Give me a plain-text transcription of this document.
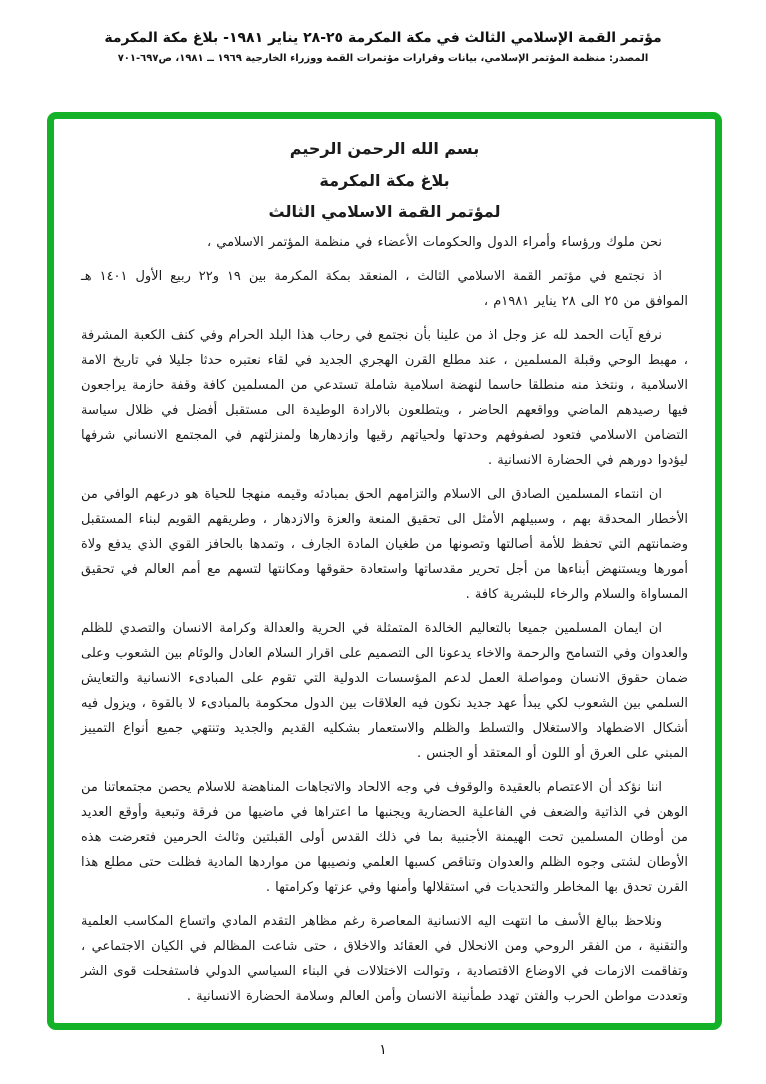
مؤتمر القمة الإسلامي الثالث في مكة المكرمة ٢٥-٢٨ يناير ١٩٨١- بلاغ مكة المكرمة
المصدر: منظمة المؤتمر الإسلامي، بيانات وقرارات مؤتمرات القمة ووزراء الخارجية ١٩٦٩ ــ ١٩٨١، ص٦٩٧-٧٠١
بسم الله الرحمن الرحيم
بلاغ مكة المكرمة
لمؤتمر القمة الاسلامي الثالث

نحن ملوك ورؤساء وأمراء الدول والحكومات الأعضاء في منظمة المؤتمر الاسلامي ،

اذ نجتمع في مؤتمر القمة الاسلامي الثالث ، المنعقد بمكة المكرمة بين ١٩ و٢٢ ربيع الأول ١٤٠١ هـ الموافق من ٢٥ الى ٢٨ يناير ١٩٨١م ،

نرفع آيات الحمد لله عز وجل اذ من علينا بأن نجتمع في رحاب هذا البلد الحرام وفي كنف الكعبة المشرفة ، مهبط الوحي وقبلة المسلمين ، عند مطلع القرن الهجري الجديد في لقاء نعتبره حدثا جليلا في تاريخ الامة الاسلامية ، ونتخذ منه منطلقا حاسما لنهضة اسلامية شاملة تستدعي من المسلمين كافة وقفة حازمة يراجعون فيها رصيدهم الماضي وواقعهم الحاضر ، ويتطلعون بالارادة الوطيدة الى مستقبل أفضل في ظلال سياسة التضامن الاسلامي فتعود لصفوفهم وحدتها ولحياتهم رقيها وازدهارها ولمنزلتهم في المجتمع الانساني شرفها ليؤدوا دورهم في الحضارة الانسانية .

ان انتماء المسلمين الصادق الى الاسلام والتزامهم الحق بمبادئه وقيمه منهجا للحياة هو درعهم الوافي من الأخطار المحدقة بهم ، وسبيلهم الأمثل الى تحقيق المنعة والعزة والازدهار ، وطريقهم القويم لبناء المستقبل وضمانتهم التي تحفظ للأمة أصالتها وتصونها من طغيان المادة الجارف ، وتمدها بالحافز القوي الذي يدفع ولاة أمورها ويستنهض أبناءها من أجل تحرير مقدساتها واستعادة حقوقها ومكانتها لتسهم مع أمم العالم في تحقيق المساواة والسلام والرخاء للبشرية كافة .

ان ايمان المسلمين جميعا بالتعاليم الخالدة المتمثلة في الحرية والعدالة وكرامة الانسان والتصدي للظلم والعدوان وفي التسامح والرحمة والاخاء يدعونا الى التصميم على اقرار السلام العادل والوئام بين الشعوب وعلى ضمان حقوق الانسان ومواصلة العمل لدعم المؤسسات الدولية التي تقوم على المبادىء الانسانية والتعايش السلمي بين الشعوب لكي يبدأ عهد جديد نكون فيه العلاقات بين الدول محكومة بالمبادىء لا بالقوة ، ويزول فيه أشكال الاضطهاد والاستغلال والتسلط والظلم والاستعمار بشكليه القديم والجديد وتنتهي جميع أنواع التمييز المبني على العرق أو اللون أو المعتقد أو الجنس .

اننا نؤكد أن الاعتصام بالعقيدة والوقوف في وجه الالحاد والاتجاهات المناهضة للاسلام يحصن مجتمعاتنا من الوهن في الذاتية والضعف في الفاعلية الحضارية ويجنبها ما اعتراها في ماضيها من فرقة وتبعية وأوقع العديد من أوطان المسلمين تحت الهيمنة الأجنبية بما في ذلك القدس أولى القبلتين وثالث الحرمين فتعرضت هذه الأوطان لشتى وجوه الظلم والعدوان وتناقص كسبها العلمي ونصيبها من مواردها المادية فظلت حتى مطلع هذا القرن تحدق بها المخاطر والتحديات في استقلالها وأمنها وفي عزتها وكرامتها .

ونلاحظ ببالغ الأسف ما انتهت اليه الانسانية المعاصرة رغم مظاهر التقدم المادي واتساع المكاسب العلمية والتقنية ، من الفقر الروحي ومن الانحلال في العقائد والاخلاق ، حتى شاعت المظالم في الكيان الاجتماعي ، وتفاقمت الازمات في الاوضاع الاقتصادية ، وتوالت الاختلالات في البناء السياسي الدولي فاستفحلت قوى الشر وتعددت مواطن الحرب والفتن تهدد طمأنينة الانسان وأمن العالم وسلامة الحضارة الانسانية .

١
